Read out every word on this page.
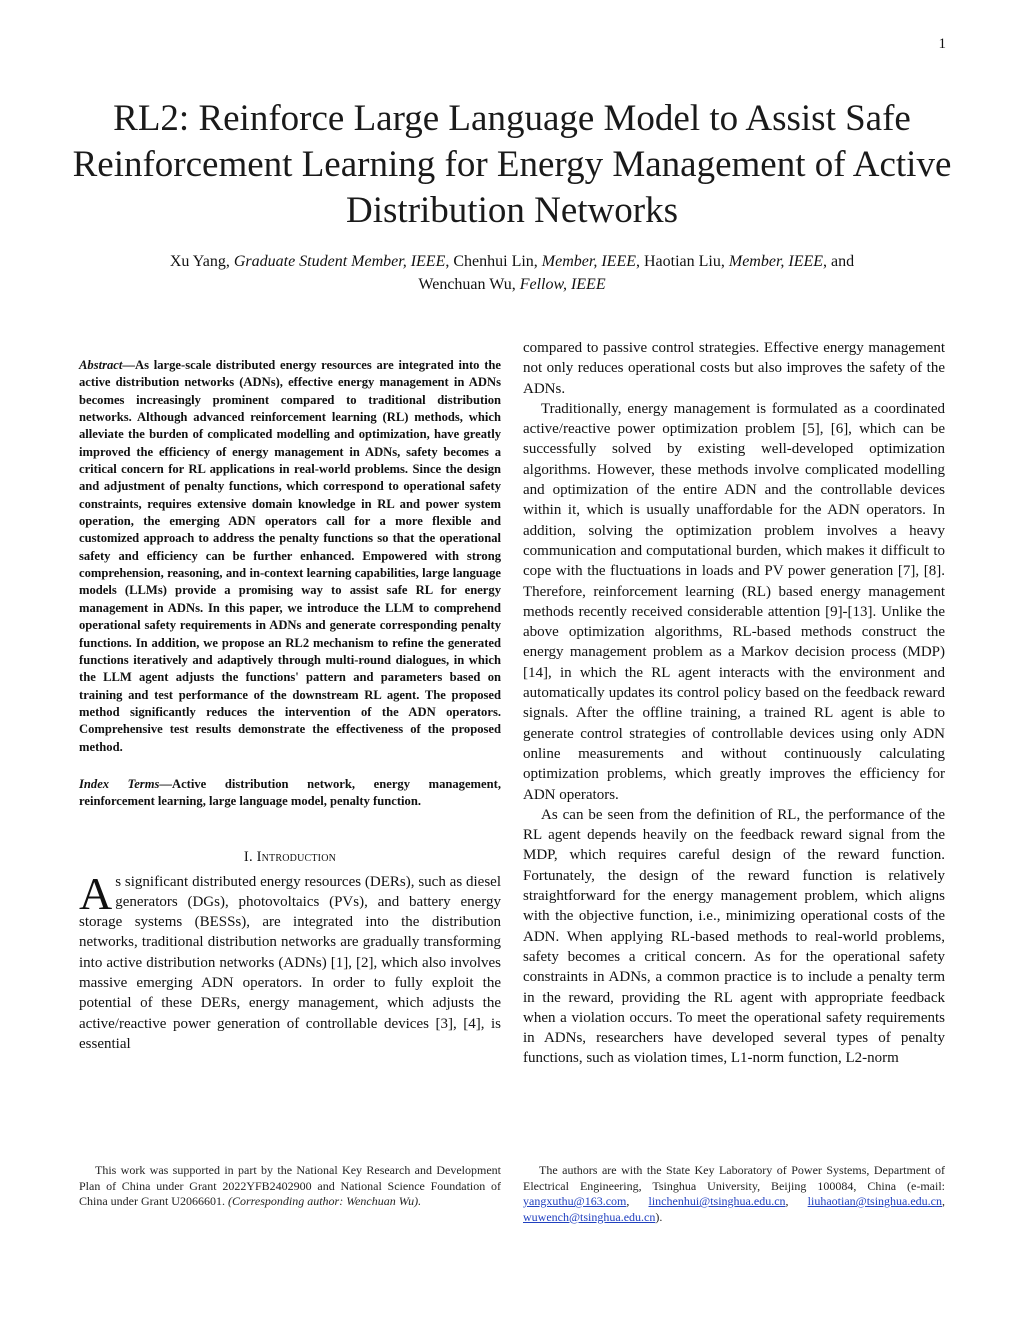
1
RL2: Reinforce Large Language Model to Assist Safe Reinforcement Learning for Energy Management of Active Distribution Networks
Xu Yang, Graduate Student Member, IEEE, Chenhui Lin, Member, IEEE, Haotian Liu, Member, IEEE, and
Wenchuan Wu, Fellow, IEEE

Abstract—As large-scale distributed energy resources are integrated into the active distribution networks (ADNs), effective energy management in ADNs becomes increasingly prominent compared to traditional distribution networks. Although advanced reinforcement learning (RL) methods, which alleviate the burden of complicated modelling and optimization, have greatly improved the efficiency of energy management in ADNs, safety becomes a critical concern for RL applications in real-world problems. Since the design and adjustment of penalty functions, which correspond to operational safety constraints, requires extensive domain knowledge in RL and power system operation, the emerging ADN operators call for a more flexible and customized approach to address the penalty functions so that the operational safety and efficiency can be further enhanced. Empowered with strong comprehension, reasoning, and in-context learning capabilities, large language models (LLMs) provide a promising way to assist safe RL for energy management in ADNs. In this paper, we introduce the LLM to comprehend operational safety requirements in ADNs and generate corresponding penalty functions. In addition, we propose an RL2 mechanism to refine the generated functions iteratively and adaptively through multi-round dialogues, in which the LLM agent adjusts the functions' pattern and parameters based on training and test performance of the downstream RL agent. The proposed method significantly reduces the intervention of the ADN operators. Comprehensive test results demonstrate the effectiveness of the proposed method.

Index Terms—Active distribution network, energy management, reinforcement learning, large language model, penalty function.

I. Introduction

As significant distributed energy resources (DERs), such as diesel generators (DGs), photovoltaics (PVs), and battery energy storage systems (BESSs), are integrated into the distribution networks, traditional distribution networks are gradually transforming into active distribution networks (ADNs) [1], [2], which also involves massive emerging ADN operators. In order to fully exploit the potential of these DERs, energy management, which adjusts the active/reactive power generation of controllable devices [3], [4], is essential

compared to passive control strategies. Effective energy management not only reduces operational costs but also improves the safety of the ADNs.

Traditionally, energy management is formulated as a coordinated active/reactive power optimization problem [5], [6], which can be successfully solved by existing well-developed optimization algorithms. However, these methods involve complicated modelling and optimization of the entire ADN and the controllable devices within it, which is usually unaffordable for the ADN operators. In addition, solving the optimization problem involves a heavy communication and computational burden, which makes it difficult to cope with the fluctuations in loads and PV power generation [7], [8]. Therefore, reinforcement learning (RL) based energy management methods recently received considerable attention [9]-[13]. Unlike the above optimization algorithms, RL-based methods construct the energy management problem as a Markov decision process (MDP) [14], in which the RL agent interacts with the environment and automatically updates its control policy based on the feedback reward signals. After the offline training, a trained RL agent is able to generate control strategies of controllable devices using only ADN online measurements and without continuously calculating optimization problems, which greatly improves the efficiency for ADN operators.

As can be seen from the definition of RL, the performance of the RL agent depends heavily on the feedback reward signal from the MDP, which requires careful design of the reward function. Fortunately, the design of the reward function is relatively straightforward for the energy management problem, which aligns with the objective function, i.e., minimizing operational costs of the ADN. When applying RL-based methods to real-world problems, safety becomes a critical concern. As for the operational safety constraints in ADNs, a common practice is to include a penalty term in the reward, providing the RL agent with appropriate feedback when a violation occurs. To meet the operational safety requirements in ADNs, researchers have developed several types of penalty functions, such as violation times, L1-norm function, L2-norm

This work was supported in part by the National Key Research and Development Plan of China under Grant 2022YFB2402900 and National Science Foundation of China under Grant U2066601. (Corresponding author: Wenchuan Wu).
The authors are with the State Key Laboratory of Power Systems, Department of Electrical Engineering, Tsinghua University, Beijing 100084, China (e-mail: yangxuthu@163.com, linchenhui@tsinghua.edu.cn, liuhaotian@tsinghua.edu.cn, wuwench@tsinghua.edu.cn).
